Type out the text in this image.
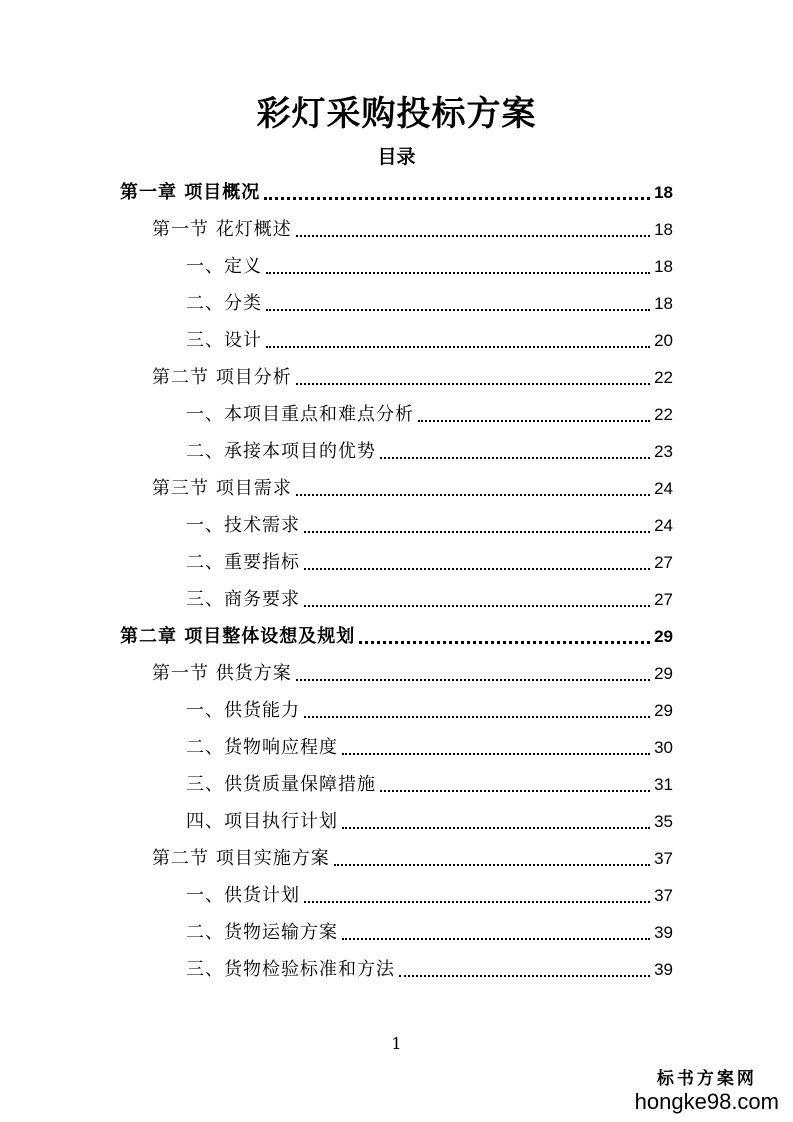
彩灯采购投标方案
目录
第一章 项目概况	18
第一节 花灯概述	18
一、定义	18
二、分类	18
三、设计	20
第二节 项目分析	22
一、本项目重点和难点分析	22
二、承接本项目的优势	23
第三节 项目需求	24
一、技术需求	24
二、重要指标	27
三、商务要求	27
第二章 项目整体设想及规划	29
第一节 供货方案	29
一、供货能力	29
二、货物响应程度	30
三、供货质量保障措施	31
四、项目执行计划	35
第二节 项目实施方案	37
一、供货计划	37
二、货物运输方案	39
三、货物检验标准和方法	39
1
标书方案网
hongke98.com
